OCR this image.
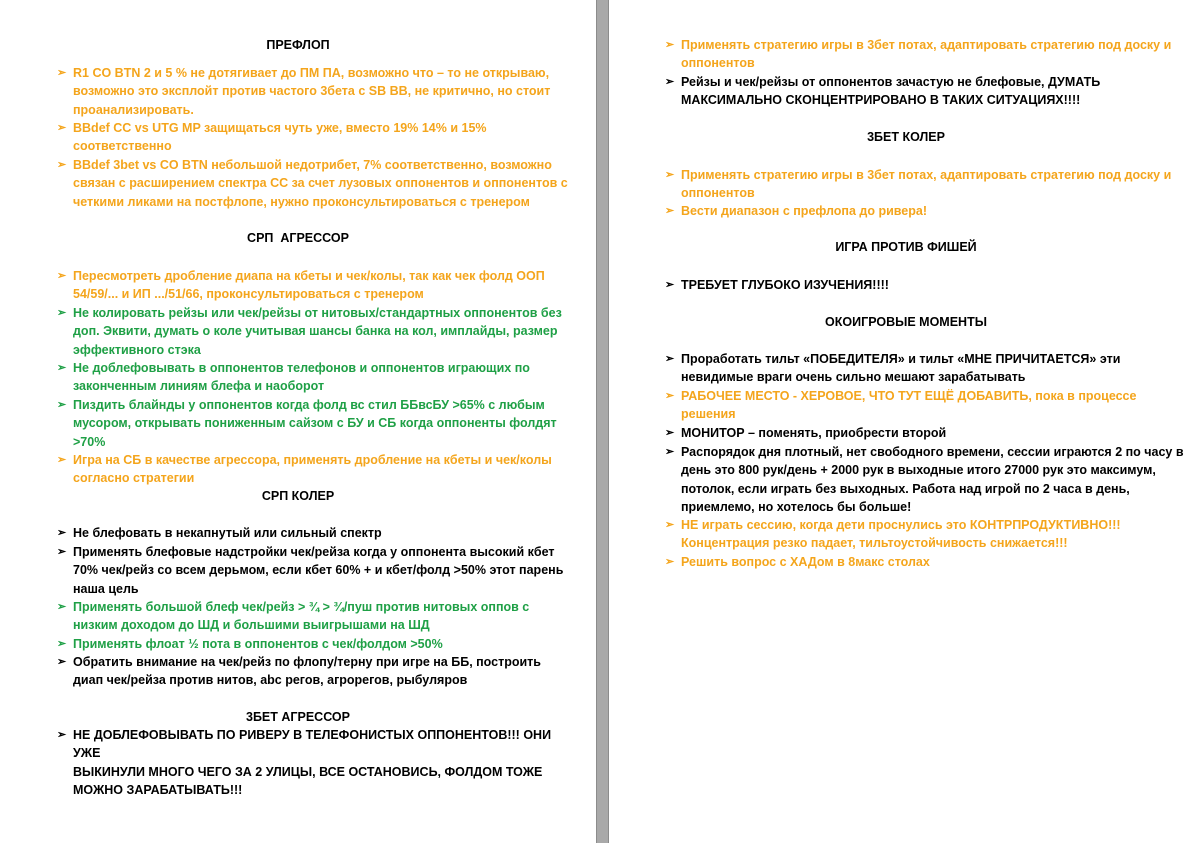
ПРЕФЛОП
➢ R1 CO BTN 2 и 5 % не дотягивает до ПМ ПА, возможно что – то не открываю,
возможно это эксплойт против частого 3бета с SB BB, не критично, но стоит
проанализировать.
➢ BBdef CC vs UTG MP защищаться чуть уже, вместо 19% 14% и 15%
соответственно
➢ BBdef 3bet vs CO BTN небольшой недотрибет, 7% соответственно, возможно
связан с расширением спектра CC за счет лузовых оппонентов и оппонентов с
четкими ликами на постфлопе, нужно проконсультироваться с тренером
СРП  АГРЕССОР
➢ Пересмотреть дробление диапа на кбеты и чек/колы, так как чек фолд ООП
54/59/... и ИП .../51/66, проконсультироваться с тренером
➢ Не колировать рейзы или чек/рейзы от нитовых/стандартных оппонентов без
доп. Эквити, думать о коле учитывая шансы банка на кол, имплайды, размер
эффективного стэка
➢ Не доблефовывать в оппонентов телефонов и оппонентов играющих по
законченным линиям блефа и наоборот
➢ Пиздить блайнды у оппонентов когда фолд вс стил ББвсБУ >65% с любым
мусором, открывать пониженным сайзом с БУ и СБ когда оппоненты фолдят
>70%
➢ Игра на СБ в качестве агрессора, применять дробление на кбеты и чек/колы
согласно стратегии
СРП КОЛЕР
➢ Не блефовать в некапнутый или сильный спектр
➢ Применять блефовые надстройки чек/рейза когда у оппонента высокий кбет
70% чек/рейз со всем дерьмом, если кбет 60% + и кбет/фолд >50% этот парень
наша цель
➢ Применять большой блеф чек/рейз > ¾ > ¾/пуш против нитовых оппов с
низким доходом до ШД и большими выигрышами на ШД
➢ Применять флоат ½ пота в оппонентов с чек/фолдом >50%
➢ Обратить внимание на чек/рейз по флопу/терну при игре на ББ, построить
диап чек/рейза против нитов, abc регов, агрорегов, рыбуляров
3БЕТ АГРЕССОР
➢ НЕ ДОБЛЕФОВЫВАТЬ ПО РИВЕРУ В ТЕЛЕФОНИСТЫХ ОППОНЕНТОВ!!! ОНИ УЖЕ
ВЫКИНУЛИ МНОГО ЧЕГО ЗА 2 УЛИЦЫ, ВСЕ ОСТАНОВИСЬ, ФОЛДОМ ТОЖЕ
МОЖНО ЗАРАБАТЫВАТЬ!!!
➢ Применять стратегию игры в 3бет потах, адаптировать стратегию под доску и
оппонентов
➢ Рейзы и чек/рейзы от оппонентов зачастую не блефовые, ДУМАТЬ
МАКСИМАЛЬНО СКОНЦЕНТРИРОВАНО В ТАКИХ СИТУАЦИЯХ!!!!
3БЕТ КОЛЕР
➢ Применять стратегию игры в 3бет потах, адаптировать стратегию под доску и
оппонентов
➢ Вести диапазон с префлопа до ривера!
ИГРА ПРОТИВ ФИШЕЙ
➢ ТРЕБУЕТ ГЛУБОКО ИЗУЧЕНИЯ!!!!
ОКОИГРОВЫЕ МОМЕНТЫ
➢ Проработать тильт «ПОБЕДИТЕЛЯ» и тильт «МНЕ ПРИЧИТАЕТСЯ» эти
невидимые враги очень сильно мешают зарабатывать
➢ РАБОЧЕЕ МЕСТО - ХЕРОВОЕ, ЧТО ТУТ ЕЩЁ ДОБАВИТЬ, пока в процессе
решения
➢ МОНИТОР – поменять, приобрести второй
➢ Распорядок дня плотный, нет свободного времени, сессии играются 2 по часу в
день это 800 рук/день + 2000 рук в выходные итого 27000 рук это максимум,
потолок, если играть без выходных. Работа над игрой по 2 часа в день,
приемлемо, но хотелось бы больше!
➢ НЕ играть сессию, когда дети проснулись это КОНТРПРОДУКТИВНО!!!
Концентрация резко падает, тильтоустойчивость снижается!!!
➢ Решить вопрос с ХАДом в 8макс столах
